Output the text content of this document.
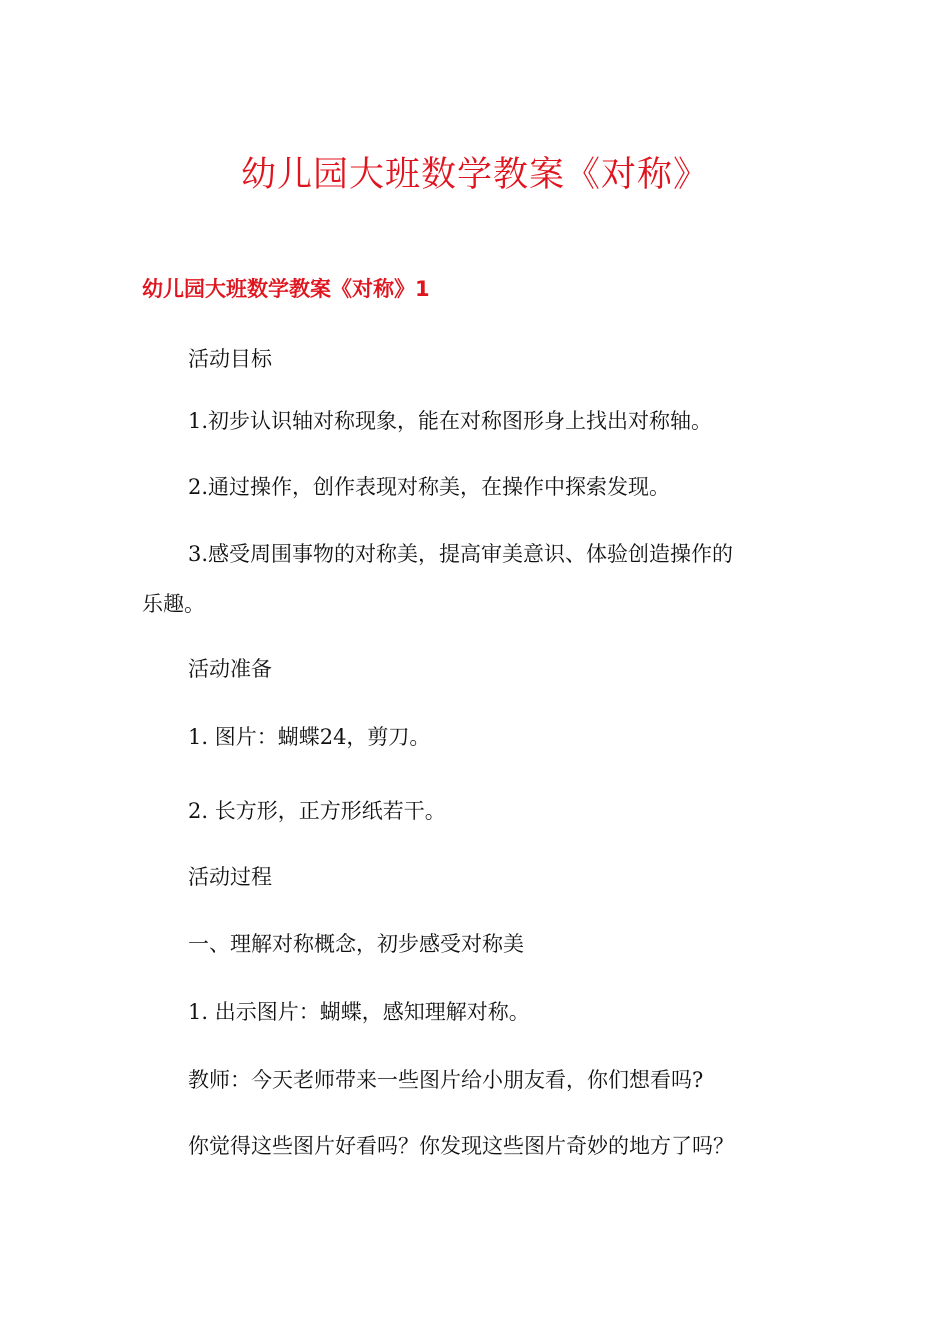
幼儿园大班数学教案《对称》
幼儿园大班数学教案《对称》1
活动目标
1.初步认识轴对称现象，能在对称图形身上找出对称轴。
2.通过操作，创作表现对称美，在操作中探索发现。
3.感受周围事物的对称美，提高审美意识、体验创造操作的
乐趣。
活动准备
1. 图片：蝴蝶24，剪刀。
2. 长方形，正方形纸若干。
活动过程
一、理解对称概念，初步感受对称美
1. 出示图片：蝴蝶，感知理解对称。
教师：今天老师带来一些图片给小朋友看，你们想看吗?
你觉得这些图片好看吗？你发现这些图片奇妙的地方了吗？
